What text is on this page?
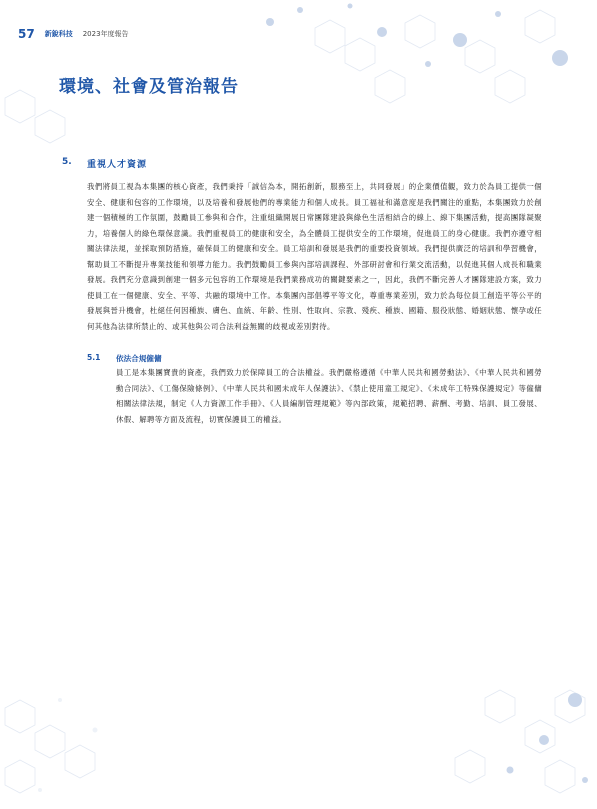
57 新銳科技 2023年度報告
環境、社會及管治報告
5. 重視人才資源
我們將員工視為本集團的核心資產，我們秉持「誠信為本，開拓創新，服務至上，共同發展」的企業價值觀，致力於為員工提供一個安全、健康和包容的工作環境，以及培養和發展他們的專業能力和個人成長。員工福祉和滿意度是我們關注的重點，本集團致力於創建一個積極的工作氛圍，鼓勵員工參與和合作，注重組織開展日常團隊建設與綠色生活相結合的線上、線下集團活動，提高團隊凝聚力，培養個人的綠色環保意識。我們重視員工的健康和安全，為全體員工提供安全的工作環境，促進員工的身心健康。我們亦遵守相關法律法規，並採取預防措施，確保員工的健康和安全。員工培訓和發展是我們的重要投資領域。我們提供廣泛的培訓和學習機會，幫助員工不斷提升專業技能和領導力能力。我們鼓勵員工參與內部培訓課程、外部研討會和行業交流活動，以促進其個人成長和職業發展。我們充分意識到創建一個多元包容的工作環境是我們業務成功的關鍵要素之一，因此，我們不斷完善人才團隊建設方案，致力使員工在一個健康、安全、平等、共融的環境中工作。本集團內部倡導平等文化，尊重專業差別，致力於為每位員工創造平等公平的發展與晉升機會，杜絕任何因種族、膚色、血統、年齡、性別、性取向、宗教、殘疾、種族、國籍、服役狀態、婚姻狀態、懷孕或任何其他為法律所禁止的、或其他與公司合法利益無關的歧視或差別對待。
5.1 依法合規僱傭
員工是本集團寶貴的資產，我們致力於保障員工的合法權益。我們嚴格遵循《中華人民共和國勞動法》、《中華人民共和國勞動合同法》、《工傷保險條例》、《中華人民共和國未成年人保護法》、《禁止使用童工規定》、《未成年工特殊保護規定》等僱傭相關法律法規，制定《人力資源工作手冊》、《人員編制管理規範》等內部政策，規範招聘、薪酬、考勤、培訓、員工發展、休假、解聘等方面及流程，切實保護員工的權益。
